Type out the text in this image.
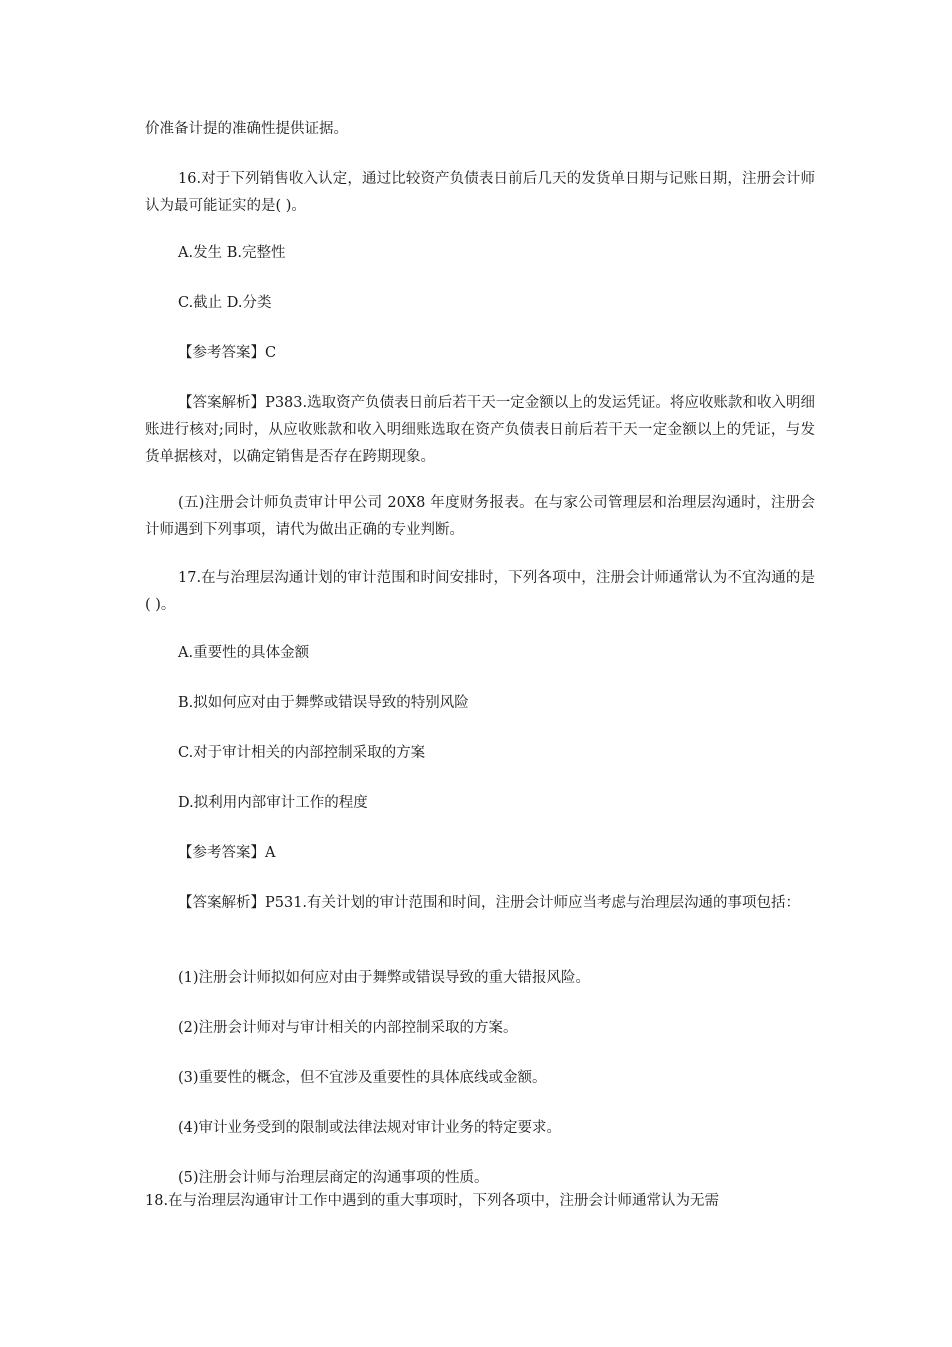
价准备计提的准确性提供证据。

16.对于下列销售收入认定，通过比较资产负债表日前后几天的发货单日期与记账日期，注册会计师认为最可能证实的是( )。

A.发生 B.完整性

C.截止 D.分类

【参考答案】C

【答案解析】P383.选取资产负债表日前后若干天一定金额以上的发运凭证。将应收账款和收入明细账进行核对;同时，从应收账款和收入明细账选取在资产负债表日前后若干天一定金额以上的凭证，与发货单据核对，以确定销售是否存在跨期现象。

(五)注册会计师负责审计甲公司 20X8 年度财务报表。在与家公司管理层和治理层沟通时，注册会计师遇到下列事项，请代为做出正确的专业判断。

17.在与治理层沟通计划的审计范围和时间安排时，下列各项中，注册会计师通常认为不宜沟通的是( )。

A.重要性的具体金额

B.拟如何应对由于舞弊或错误导致的特别风险

C.对于审计相关的内部控制采取的方案

D.拟利用内部审计工作的程度

【参考答案】A

【答案解析】P531.有关计划的审计范围和时间，注册会计师应当考虑与治理层沟通的事项包括：

(1)注册会计师拟如何应对由于舞弊或错误导致的重大错报风险。

(2)注册会计师对与审计相关的内部控制采取的方案。

(3)重要性的概念，但不宜涉及重要性的具体底线或金额。

(4)审计业务受到的限制或法律法规对审计业务的特定要求。

(5)注册会计师与治理层商定的沟通事项的性质。

18.在与治理层沟通审计工作中遇到的重大事项时，下列各项中，注册会计师通常认为无需
